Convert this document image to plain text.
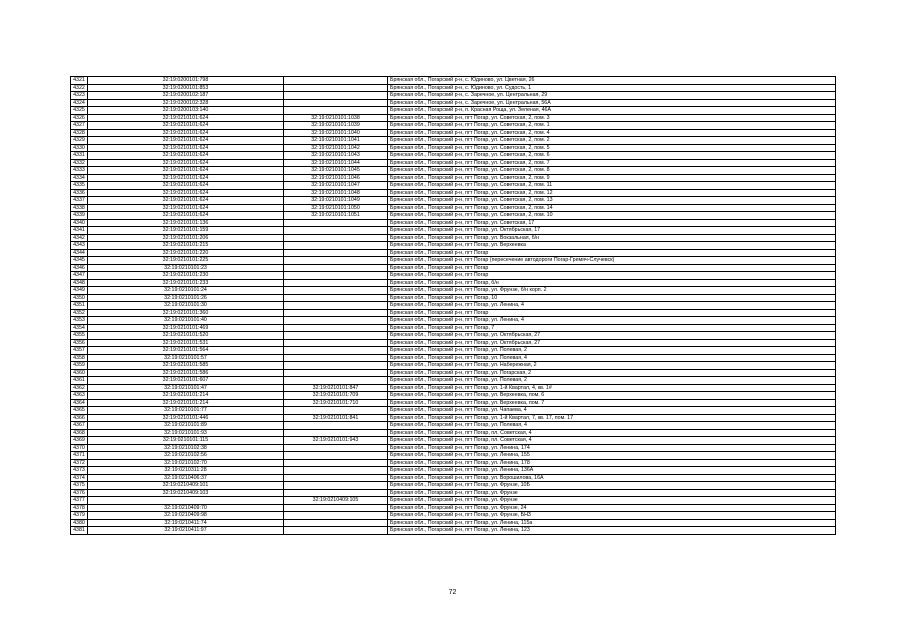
4321	32:19:0200101:798		Брянская обл., Погарский р-н, с. Юдиново, ул. Цветная, 26
4322	32:19:0200101:853		Брянская обл., Погарский р-н, с. Юдиново, ул. Судость, 1
4323	32:19:0200102:187		Брянская обл., Погарский р-н, с. Заречное, ул. Центральная, 29
4324	32:19:0200102:328		Брянская обл., Погарский р-н, с. Заречное, ул. Центральная, 56А
4325	32:19:0200103:140		Брянская обл., Погарский р-н, п. Красная Роща, ул. Зеленая, 46А
4326	32:19:0210101:624	32:19:0210101:1038	Брянская обл., Погарский р-н, пгт Погар, ул. Советская, 2, пом. 3
4327	32:19:0210101:624	32:19:0210101:1039	Брянская обл., Погарский р-н, пгт Погар, ул. Советская, 2, пом. 1
4328	32:19:0210101:624	32:19:0210101:1040	Брянская обл., Погарский р-н, пгт Погар, ул. Советская, 2, пом. 4
4329	32:19:0210101:624	32:19:0210101:1041	Брянская обл., Погарский р-н, пгт Погар, ул. Советская, 2, пом. 2
4330	32:19:0210101:624	32:19:0210101:1042	Брянская обл., Погарский р-н, пгт Погар, ул. Советская, 2, пом. 5
4331	32:19:0210101:624	32:19:0210101:1043	Брянская обл., Погарский р-н, пгт Погар, ул. Советская, 2, пом. 6
4332	32:19:0210101:624	32:19:0210101:1044	Брянская обл., Погарский р-н, пгт Погар, ул. Советская, 2, пом. 7
4333	32:19:0210101:624	32:19:0210101:1045	Брянская обл., Погарский р-н, пгт Погар, ул. Советская, 2, пом. 8
4334	32:19:0210101:624	32:19:0210101:1046	Брянская обл., Погарский р-н, пгт Погар, ул. Советская, 2, пом. 9
4335	32:19:0210101:624	32:19:0210101:1047	Брянская обл., Погарский р-н, пгт Погар, ул. Советская, 2, пом. 11
4336	32:19:0210101:624	32:19:0210101:1048	Брянская обл., Погарский р-н, пгт Погар, ул. Советская, 2, пом. 12
4337	32:19:0210101:624	32:19:0210101:1049	Брянская обл., Погарский р-н, пгт Погар, ул. Советская, 2, пом. 13
4338	32:19:0210101:624	32:19:0210101:1050	Брянская обл., Погарский р-н, пгт Погар, ул. Советская, 2, пом. 14
4339	32:19:0210101:624	32:19:0210101:1051	Брянская обл., Погарский р-н, пгт Погар, ул. Советская, 2, пом. 10
4340	32:19:0210101:136		Брянская обл., Погарский р-н, пгт Погар, ул. Советская, 17
4341	32:19:0210101:159		Брянская обл., Погарский р-н, пгт Погар, ул. Октябрьская, 17
4342	32:19:0210101:206		Брянская обл., Погарский р-н, пгт Погар, ул. Вокзальная, б/н
4343	32:19:0210101:215		Брянская обл., Погарский р-н, пгт Погар, ул. Верхеевка
4344	32:19:0210101:220		Брянская обл., Погарский р-н, пгт Погар
4345	32:19:0210101:225		Брянская обл., Погарский р-н, пгт Погар (пересечение автодороги Погар-Гремяч-Случевск)
4346	32:19:0210101:23		Брянская обл., Погарский р-н, пгт Погар
4347	32:19:0210101:230		Брянская обл., Погарский р-н, пгт Погар
4348	32:19:0210101:233		Брянская обл., Погарский р-н, пгт Погар, б/н
4349	32:19:0210101:24		Брянская обл., Погарский р-н, пгт Погар, ул. Фрунзе, б/н корп. 2
4350	32:19:0210101:26		Брянская обл., Погарский р-н, пгт Погар, 10
4351	32:19:0210101:30		Брянская обл., Погарский р-н, пгт Погар, ул. Ленина, 4
4352	32:19:0210101:360		Брянская обл., Погарский р-н, пгт Погар
4353	32:19:0210101:40		Брянская обл., Погарский р-н, пгт Погар, ул. Ленина, 4
4354	32:19:0210101:469		Брянская обл., Погарский р-н, пгт Погар, 7
4355	32:19:0210101:520		Брянская обл., Погарский р-н, пгт Погар, ул. Октябрьская, 27
4356	32:19:0210101:531		Брянская обл., Погарский р-н, пгт Погар, ул. Октябрьская, 27
4357	32:19:0210101:564		Брянская обл., Погарский р-н, пгт Погар, ул. Полевая, 2
4358	32:19:0210101:57		Брянская обл., Погарский р-н, пгт Погар, ул. Полевая, 4
4359	32:19:0210101:585		Брянская обл., Погарский р-н, пгт Погар, ул. Набережная, 2
4360	32:19:0210101:586		Брянская обл., Погарский р-н, пгт Погар, ул. Погарская, 2
4361	32:19:0210101:607		Брянская обл., Погарский р-н, пгт Погар, ул. Полевая, 2
4362	32:19:0210101:47	32:19:0210101:847	Брянская обл., Погарский р-н, пгт Погар, ул. 1-й Квартал, 4, кв. 1#
4363	32:19:0210101:214	32:19:0210101:709	Брянская обл., Погарский р-н, пгт Погар, ул. Верхеевка, пом. 6
4364	32:19:0210101:214	32:19:0210101:710	Брянская обл., Погарский р-н, пгт Погар, ул. Верхеевка, пом. 7
4365	32:19:0210101:77		Брянская обл., Погарский р-н, пгт Погар, ул. Чапаева, 4
4366	32:19:0210101:446	32:19:0210101:841	Брянская обл., Погарский р-н, пгт Погар, ул. 1-й Квартал, 7, кв. 17, пом. 17
4367	32:19:0210101:89		Брянская обл., Погарский р-н, пгт Погар, ул. Полевая, 4
4368	32:19:0210101:93		Брянская обл., Погарский р-н, пгт Погар, пл. Советская, 4
4369	32:19:0210101:115	32:19:0210101:943	Брянская обл., Погарский р-н, пгт Погар, пл. Советская, 4
4370	32:19:0210102:38		Брянская обл., Погарский р-н, пгт Погар, ул. Ленина, 174
4371	32:19:0210102:56		Брянская обл., Погарский р-н, пгт Погар, ул. Ленина, 155
4372	32:19:0210102:70		Брянская обл., Погарский р-н, пгт Погар, ул. Ленина, 178
4373	32:19:0210311:28		Брянская обл., Погарский р-н, пгт Погар, ул. Ленина, 136А
4374	32:19:0210406:37		Брянская обл., Погарский р-н, пгт Погар, ул. Ворошилова, 16А
4375	32:19:0210409:101		Брянская обл., Погарский р-н, пгт Погар, ул. Фрунзе, 10Б
4376	32:19:0210409:103		Брянская обл., Погарский р-н, пгт Погар, ул. Фрунзе
4377		32:19:0210409:105	Брянская обл., Погарский р-н, пгт Погар, ул. Фрунзе
4378	32:19:0210409:70		Брянская обл., Погарский р-н, пгт Погар, ул. Фрунзе, 24
4379	32:19:0210409:98		Брянская обл., Погарский р-н, пгт Погар, ул. Фрунзе, БН3
4380	32:19:0210411:74		Брянская обл., Погарский р-н, пгт Погар, ул. Ленина, 115а
4381	32:19:0210411:97		Брянская обл., Погарский р-н, пгт Погар, ул. Ленина, 123
72
